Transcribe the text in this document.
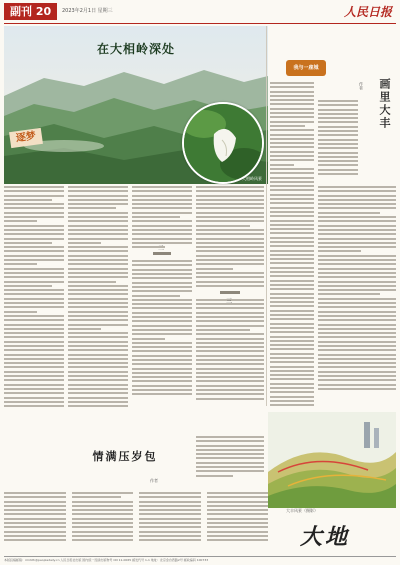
副刊 20	2023年2月1日 星期三	人民日报
在大相岭深处
大相岭风景
逐梦
二
三
我与一座城
画里大丰
作者
情满压岁包
作者
大丰风景（摄影）
大地
本版投稿邮箱：rmrbfk@peopledaily.cn 人民日报社出版 国内统一连续出版物号 CN 11-0065 邮发代号 1-1 地址：北京金台西路2号 邮政编码 100733
